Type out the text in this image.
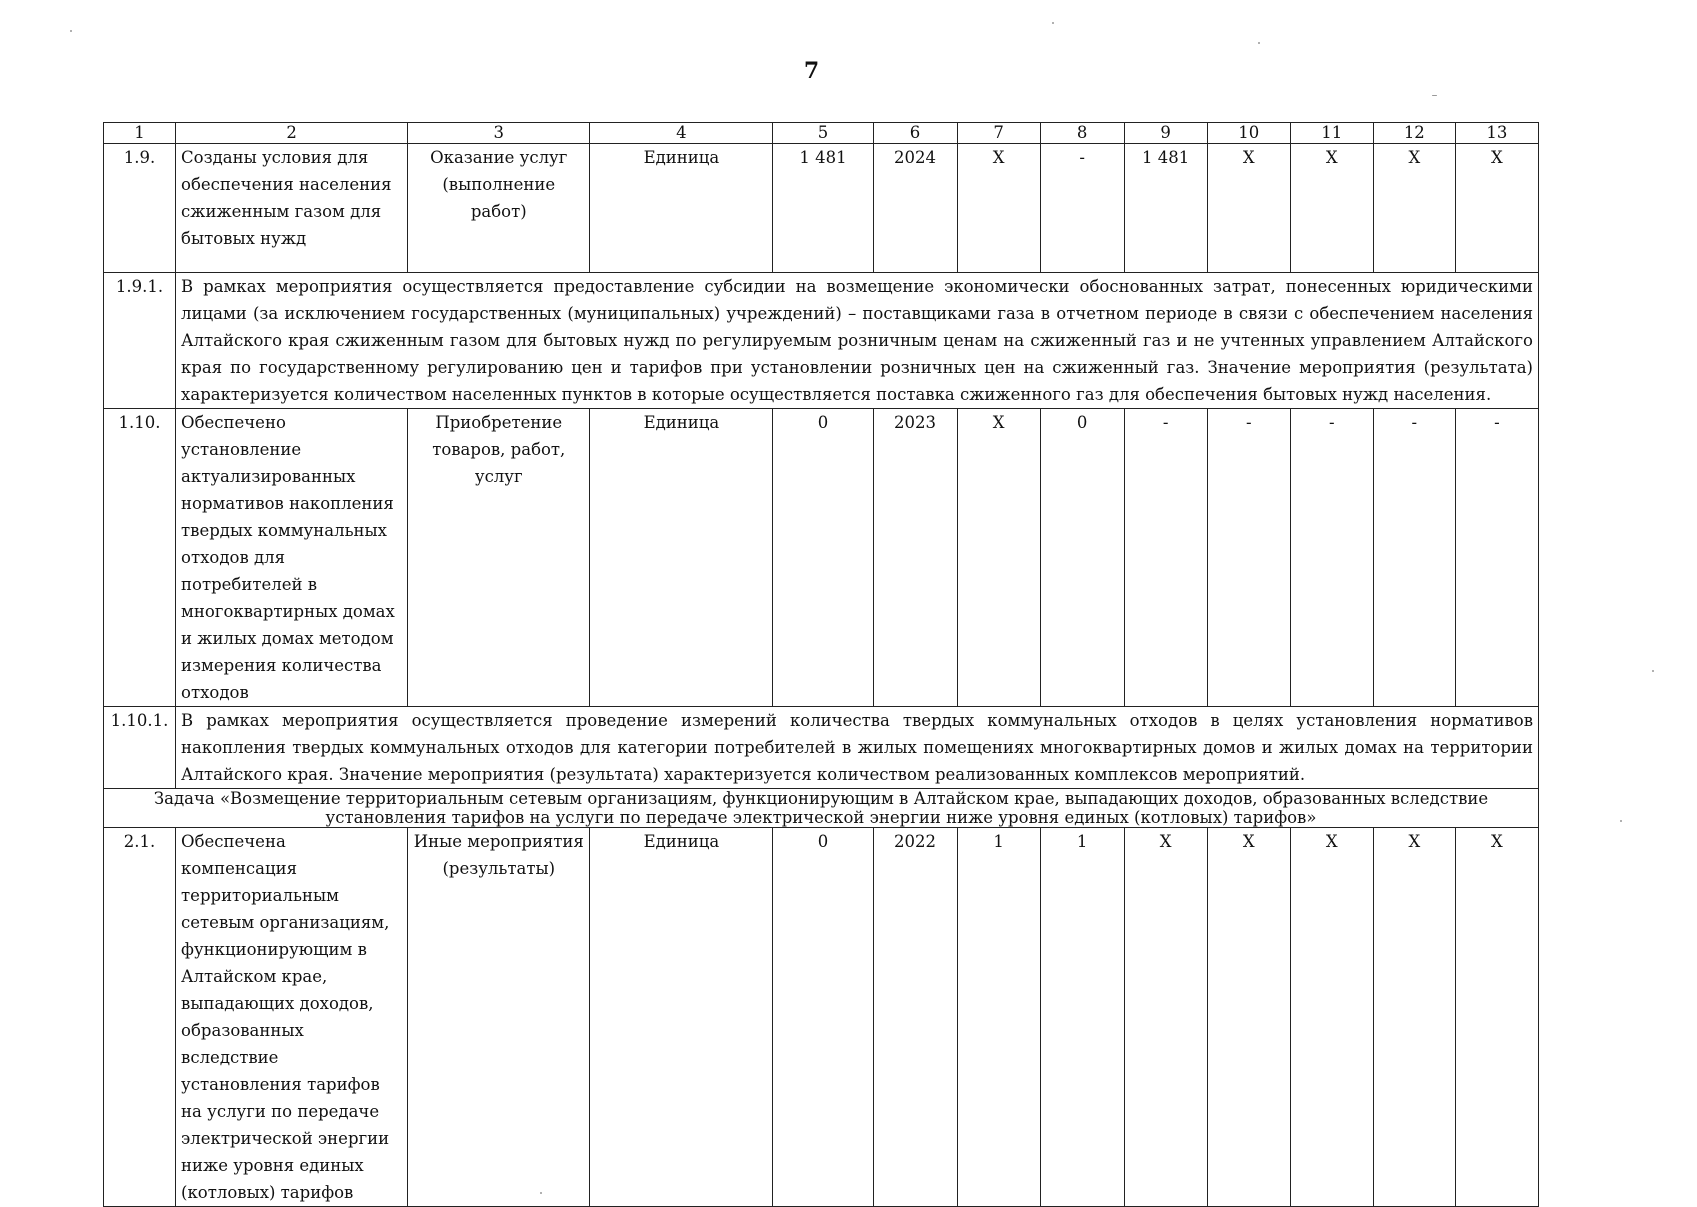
7
1	2	3	4	5	6	7	8	9	10	11	12	13
1.9.	Созданы условия для обеспечения населения сжиженным газом для бытовых нужд	Оказание услуг (выполнение работ)	Единица	1 481	2024	X	-	1 481	X	X	X	X
1.9.1.	В рамках мероприятия осуществляется предоставление субсидии на возмещение экономически обоснованных затрат, понесенных юридическими лицами (за исключением государственных (муниципальных) учреждений) – поставщиками газа в отчетном периоде в связи с обеспечением населения Алтайского края сжиженным газом для бытовых нужд по регулируемым розничным ценам на сжиженный газ и не учтенных управлением Алтайского края по государственному регулированию цен и тарифов при установлении розничных цен на сжиженный газ. Значение мероприятия (результата) характеризуется количеством населенных пунктов в которые осуществляется поставка сжиженного газ для обеспечения бытовых нужд населения.											
1.10.	Обеспечено установление актуализированных нормативов накопления твердых коммунальных отходов для потребителей в многоквартирных домах и жилых домах методом измерения количества отходов	Приобретение товаров, работ, услуг	Единица	0	2023	X	0	-	-	-	-	-
1.10.1.	В рамках мероприятия осуществляется проведение измерений количества твердых коммунальных отходов в целях установления нормативов накопления твердых коммунальных отходов для категории потребителей в жилых помещениях многоквартирных домов и жилых домах на территории Алтайского края. Значение мероприятия (результата) характеризуется количеством реализованных комплексов мероприятий.											
Задача «Возмещение территориальным сетевым организациям, функционирующим в Алтайском крае, выпадающих доходов, образованных вследствие установления тарифов на услуги по передаче электрической энергии ниже уровня единых (котловых) тарифов»												
2.1.	Обеспечена компенсация территориальным сетевым организациям, функционирующим в Алтайском крае, выпадающих доходов, образованных вследствие установления тарифов на услуги по передаче электрической энергии ниже уровня единых (котловых) тарифов	Иные мероприятия (результаты)	Единица	0	2022	1	1	X	X	X	X	X
